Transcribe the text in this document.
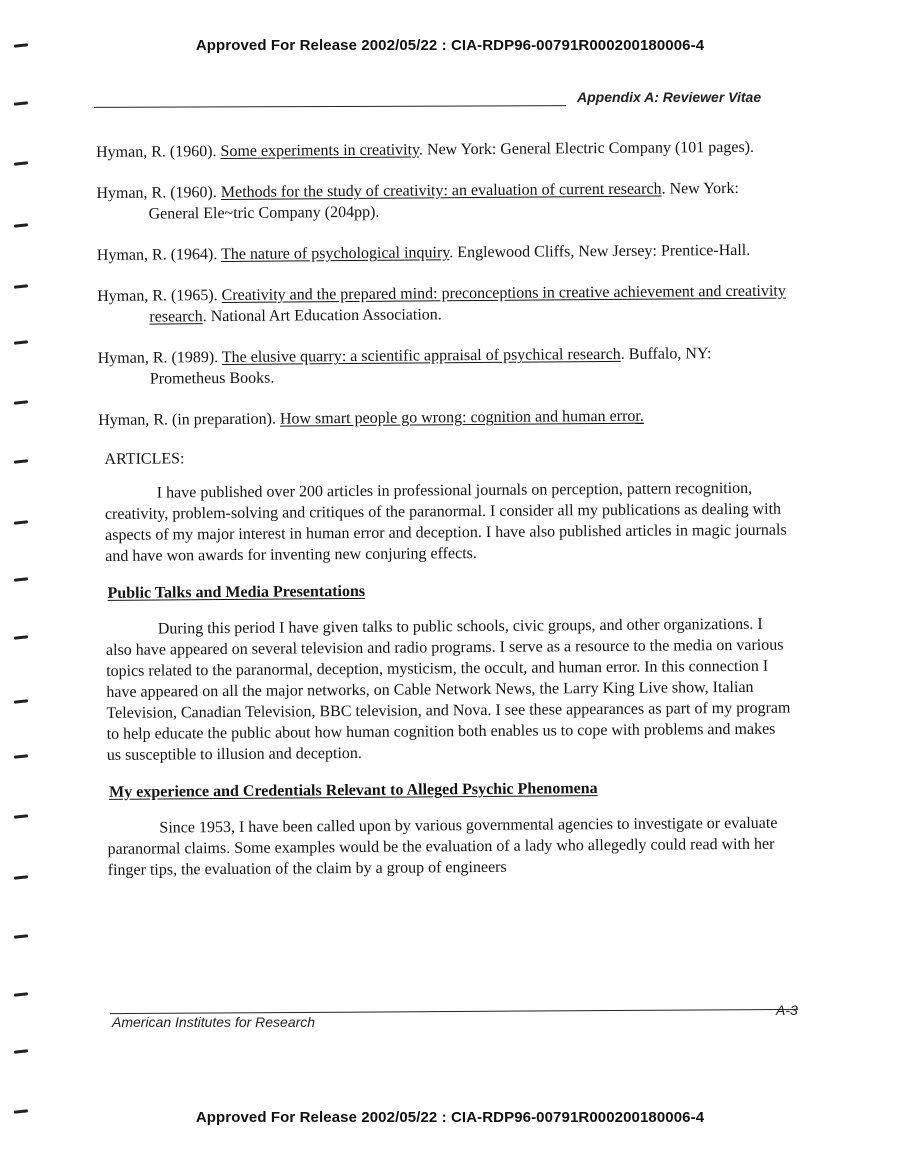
Approved For Release 2002/05/22 : CIA-RDP96-00791R000200180006-4
Appendix A: Reviewer Vitae
Hyman, R. (1960). Some experiments in creativity. New York: General Electric Company (101 pages).
Hyman, R. (1960). Methods for the study of creativity: an evaluation of current research. New York: General Ele~tric Company (204pp).
Hyman, R. (1964). The nature of psychological inquiry. Englewood Cliffs, New Jersey: Prentice-Hall.
Hyman, R. (1965). Creativity and the prepared mind: preconceptions in creative achievement and creativity research. National Art Education Association.
Hyman, R. (1989). The elusive quarry: a scientific appraisal of psychical research. Buffalo, NY: Prometheus Books.
Hyman, R. (in preparation). How smart people go wrong: cognition and human error.
ARTICLES:
I have published over 200 articles in professional journals on perception, pattern recognition, creativity, problem-solving and critiques of the paranormal. I consider all my publications as dealing with aspects of my major interest in human error and deception. I have also published articles in magic journals and have won awards for inventing new conjuring effects.
Public Talks and Media Presentations
During this period I have given talks to public schools, civic groups, and other organizations. I also have appeared on several television and radio programs. I serve as a resource to the media on various topics related to the paranormal, deception, mysticism, the occult, and human error. In this connection I have appeared on all the major networks, on Cable Network News, the Larry King Live show, Italian Television, Canadian Television, BBC television, and Nova. I see these appearances as part of my program to help educate the public about how human cognition both enables us to cope with problems and makes us susceptible to illusion and deception.
My experience and Credentials Relevant to Alleged Psychic Phenomena
Since 1953, I have been called upon by various governmental agencies to investigate or evaluate paranormal claims. Some examples would be the evaluation of a lady who allegedly could read with her finger tips, the evaluation of the claim by a group of engineers
American Institutes for Research
A-3
Approved For Release 2002/05/22 : CIA-RDP96-00791R000200180006-4
